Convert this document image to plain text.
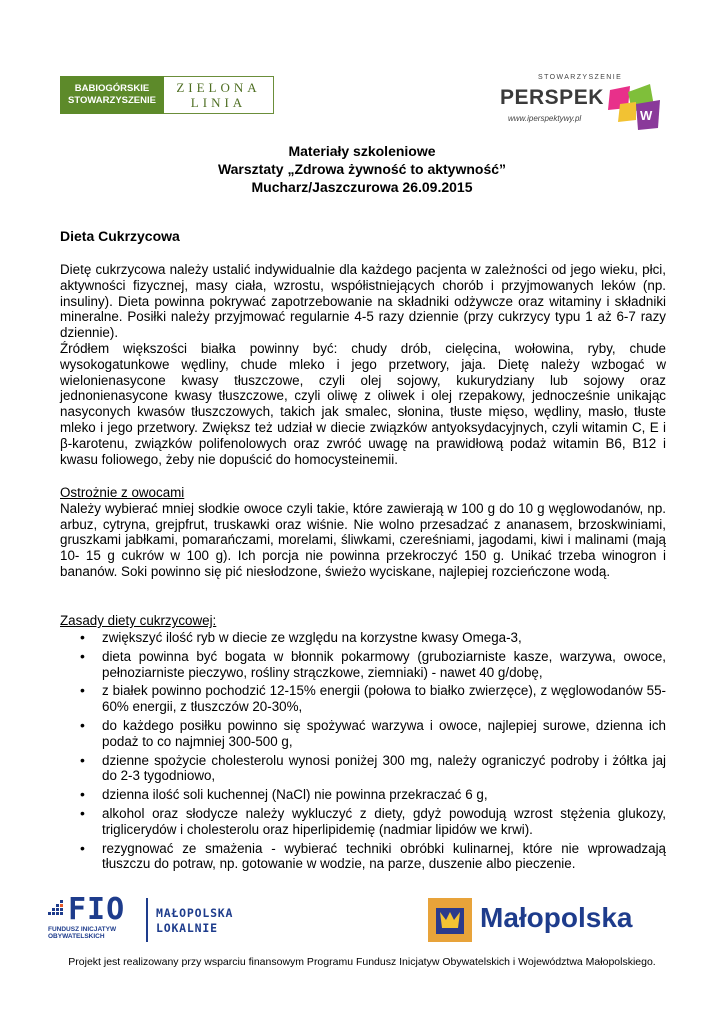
BABIOGÓRSKIE
STOWARZYSZENIE
ZIELONA
LINIA
STOWARZYSZENIE
PERSPEK
www.iperspektywy.pl	W
Materiały szkoleniowe
Warsztaty „Zdrowa żywność to aktywność”
Mucharz/Jaszczurowa 26.09.2015
Dieta Cukrzycowa

Dietę cukrzycowa należy ustalić indywidualnie dla każdego pacjenta w zależności od jego wieku, płci, aktywności fizycznej, masy ciała, wzrostu, współistniejących chorób i przyjmowanych leków (np. insuliny). Dieta powinna pokrywać zapotrzebowanie na składniki odżywcze oraz witaminy i składniki mineralne. Posiłki należy przyjmować regularnie 4-5 razy dziennie (przy cukrzycy typu 1 aż 6-7 razy dziennie).

Źródłem większości białka powinny być: chudy drób, cielęcina, wołowina, ryby, chude wysokogatunkowe wędliny, chude mleko i jego przetwory, jaja. Dietę należy wzbogać w wielonienasycone kwasy tłuszczowe, czyli olej sojowy, kukurydziany lub sojowy oraz jednonienasycone kwasy tłuszczowe, czyli oliwę z oliwek i olej rzepakowy, jednocześnie unikając nasyconych kwasów tłuszczowych, takich jak smalec, słonina, tłuste mięso, wędliny, masło, tłuste mleko i jego przetwory. Zwiększ też udział w diecie związków antyoksydacyjnych, czyli witamin C, E i β-karotenu, związków polifenolowych oraz zwróć uwagę na prawidłową podaż witamin B6, B12 i kwasu foliowego, żeby nie dopuścić do homocysteinemii.

Ostrożnie z owocami

Należy wybierać mniej słodkie owoce czyli takie, które zawierają w 100 g do 10 g węglowodanów, np. arbuz, cytryna, grejpfrut, truskawki oraz wiśnie. Nie wolno przesadzać z ananasem, brzoskwiniami, gruszkami jabłkami, pomarańczami, morelami, śliwkami, czereśniami, jagodami, kiwi i malinami (mają 10- 15 g cukrów w 100 g). Ich porcja nie powinna przekroczyć 150 g. Unikać trzeba winogron i bananów. Soki powinno się pić niesłodzone, świeżo wyciskane, najlepiej rozcieńczone wodą.

Zasady diety cukrzycowej:

• zwiększyć ilość ryb w diecie ze względu na korzystne kwasy Omega-3,
• dieta powinna być bogata w błonnik pokarmowy (gruboziarniste kasze, warzywa, owoce, pełnoziarniste pieczywo, rośliny strączkowe, ziemniaki) - nawet 40 g/dobę,
• z białek powinno pochodzić 12-15% energii (połowa to białko zwierzęce), z węglowodanów 55-60% energii, z tłuszczów 20-30%,
• do każdego posiłku powinno się spożywać warzywa i owoce, najlepiej surowe, dzienna ich podaż to co najmniej 300-500 g,
• dzienne spożycie cholesterolu wynosi poniżej 300 mg, należy ograniczyć podroby i żółtka jaj do 2-3 tygodniowo,
• dzienna ilość soli kuchennej (NaCl) nie powinna przekraczać 6 g,
• alkohol oraz słodycze należy wykluczyć z diety, gdyż powodują wzrost stężenia glukozy, triglicerydów i cholesterolu oraz hiperlipidemię (nadmiar lipidów we krwi).
• rezygnować ze smażenia - wybierać techniki obróbki kulinarnej, które nie wprowadzają tłuszczu do potraw, np. gotowanie w wodzie, na parze, duszenie albo pieczenie.
FIO
FUNDUSZ INICJATYW OBYWATELSKICH
MAŁOPOLSKA
LOKALNIE	Małopolska
Projekt jest realizowany przy wsparciu finansowym Programu Fundusz Inicjatyw Obywatelskich i Województwa Małopolskiego.
